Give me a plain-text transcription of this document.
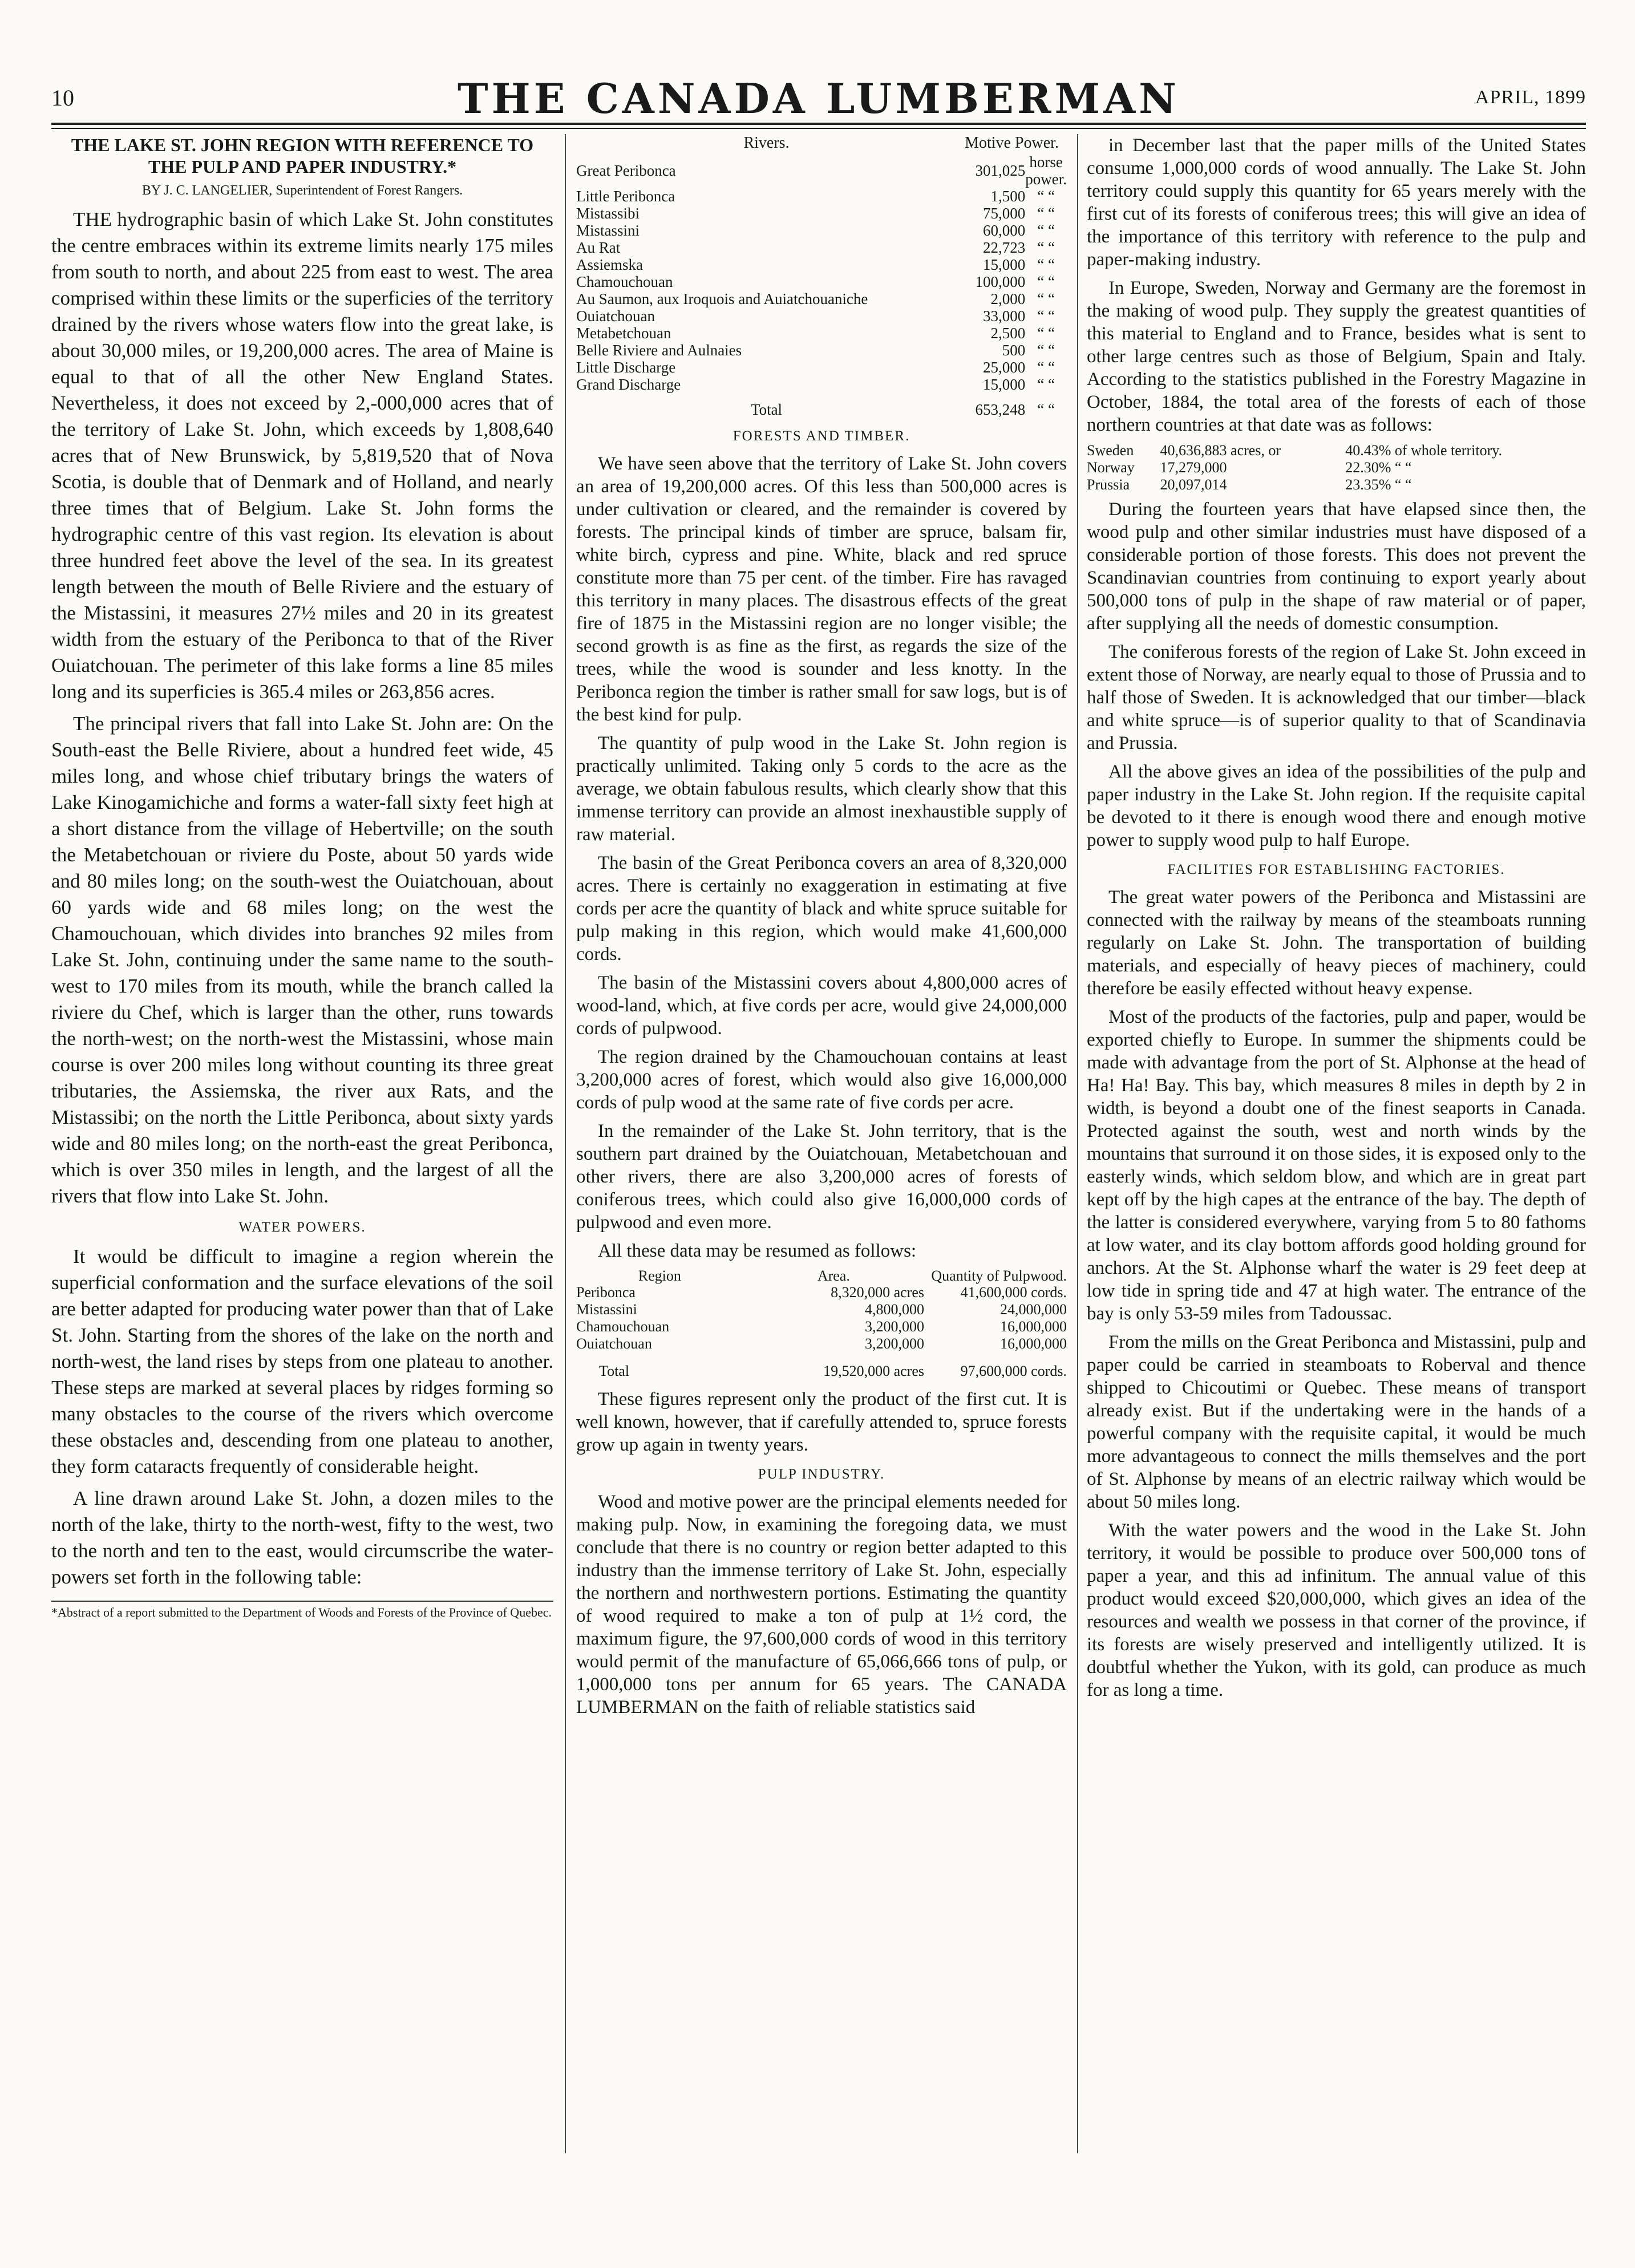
10	THE CANADA LUMBERMAN	APRIL, 1899
THE LAKE ST. JOHN REGION WITH REFERENCE TO THE PULP AND PAPER INDUSTRY.*
BY J. C. LANGELIER, Superintendent of Forest Rangers.

THE hydrographic basin of which Lake St. John constitutes the centre embraces within its extreme limits nearly 175 miles from south to north, and about 225 from east to west. The area comprised within these limits or the superficies of the territory drained by the rivers whose waters flow into the great lake, is about 30,000 miles, or 19,200,000 acres. The area of Maine is equal to that of all the other New England States. Nevertheless, it does not exceed by 2,-000,000 acres that of the territory of Lake St. John, which exceeds by 1,808,640 acres that of New Brunswick, by 5,819,520 that of Nova Scotia, is double that of Denmark and of Holland, and nearly three times that of Belgium. Lake St. John forms the hydrographic centre of this vast region. Its elevation is about three hundred feet above the level of the sea. In its greatest length between the mouth of Belle Riviere and the estuary of the Mistassini, it measures 27½ miles and 20 in its greatest width from the estuary of the Peribonca to that of the River Ouiatchouan. The perimeter of this lake forms a line 85 miles long and its superficies is 365.4 miles or 263,856 acres.

The principal rivers that fall into Lake St. John are: On the South-east the Belle Riviere, about a hundred feet wide, 45 miles long, and whose chief tributary brings the waters of Lake Kinogamichiche and forms a water-fall sixty feet high at a short distance from the village of Hebertville; on the south the Metabetchouan or riviere du Poste, about 50 yards wide and 80 miles long; on the south-west the Ouiatchouan, about 60 yards wide and 68 miles long; on the west the Chamouchouan, which divides into branches 92 miles from Lake St. John, continuing under the same name to the south-west to 170 miles from its mouth, while the branch called la riviere du Chef, which is larger than the other, runs towards the north-west; on the north-west the Mistassini, whose main course is over 200 miles long without counting its three great tributaries, the Assiemska, the river aux Rats, and the Mistassibi; on the north the Little Peribonca, about sixty yards wide and 80 miles long; on the north-east the great Peribonca, which is over 350 miles in length, and the largest of all the rivers that flow into Lake St. John.

WATER POWERS.

It would be difficult to imagine a region wherein the superficial conformation and the surface elevations of the soil are better adapted for producing water power than that of Lake St. John. Starting from the shores of the lake on the north and north-west, the land rises by steps from one plateau to another. These steps are marked at several places by ridges forming so many obstacles to the course of the rivers which overcome these obstacles and, descending from one plateau to another, they form cataracts frequently of considerable height.

A line drawn around Lake St. John, a dozen miles to the north of the lake, thirty to the north-west, fifty to the west, two to the north and ten to the east, would circumscribe the water-powers set forth in the following table:

*Abstract of a report submitted to the Department of Woods and Forests of the Province of Quebec.
Rivers.	Motive Power.	
Great Peribonca	301,025	horse power.
Little Peribonca	1,500	“ “
Mistassibi	75,000	“ “
Mistassini	60,000	“ “
Au Rat	22,723	“ “
Assiemska	15,000	“ “
Chamouchouan	100,000	“ “
Au Saumon, aux Iroquois and Auiatchouaniche	2,000	“ “
Ouiatchouan	33,000	“ “
Metabetchouan	2,500	“ “
Belle Riviere and Aulnaies	500	“ “
Little Discharge	25,000	“ “
Grand Discharge	15,000	“ “
Total	653,248	“ “
FORESTS AND TIMBER.

We have seen above that the territory of Lake St. John covers an area of 19,200,000 acres. Of this less than 500,000 acres is under cultivation or cleared, and the remainder is covered by forests. The principal kinds of timber are spruce, balsam fir, white birch, cypress and pine. White, black and red spruce constitute more than 75 per cent. of the timber. Fire has ravaged this territory in many places. The disastrous effects of the great fire of 1875 in the Mistassini region are no longer visible; the second growth is as fine as the first, as regards the size of the trees, while the wood is sounder and less knotty. In the Peribonca region the timber is rather small for saw logs, but is of the best kind for pulp.

The quantity of pulp wood in the Lake St. John region is practically unlimited. Taking only 5 cords to the acre as the average, we obtain fabulous results, which clearly show that this immense territory can provide an almost inexhaustible supply of raw material.

The basin of the Great Peribonca covers an area of 8,320,000 acres. There is certainly no exaggeration in estimating at five cords per acre the quantity of black and white spruce suitable for pulp making in this region, which would make 41,600,000 cords.

The basin of the Mistassini covers about 4,800,000 acres of wood-land, which, at five cords per acre, would give 24,000,000 cords of pulpwood.

The region drained by the Chamouchouan contains at least 3,200,000 acres of forest, which would also give 16,000,000 cords of pulp wood at the same rate of five cords per acre.

In the remainder of the Lake St. John territory, that is the southern part drained by the Ouiatchouan, Metabetchouan and other rivers, there are also 3,200,000 acres of forests of coniferous trees, which could also give 16,000,000 cords of pulpwood and even more.

All these data may be resumed as follows:

Region	Area.	Quantity of Pulpwood.
Peribonca	8,320,000 acres	41,600,000 cords.
Mistassini	4,800,000	24,000,000
Chamouchouan	3,200,000	16,000,000
Ouiatchouan	3,200,000	16,000,000
Total	19,520,000 acres	97,600,000 cords.

These figures represent only the product of the first cut. It is well known, however, that if carefully attended to, spruce forests grow up again in twenty years.

PULP INDUSTRY.

Wood and motive power are the principal elements needed for making pulp. Now, in examining the foregoing data, we must conclude that there is no country or region better adapted to this industry than the immense territory of Lake St. John, especially the northern and northwestern portions. Estimating the quantity of wood required to make a ton of pulp at 1½ cord, the maximum figure, the 97,600,000 cords of wood in this territory would permit of the manufacture of 65,066,666 tons of pulp, or 1,000,000 tons per annum for 65 years. The CANADA LUMBERMAN on the faith of reliable statistics said

in December last that the paper mills of the United States consume 1,000,000 cords of wood annually. The Lake St. John territory could supply this quantity for 65 years merely with the first cut of its forests of coniferous trees; this will give an idea of the importance of this territory with reference to the pulp and paper-making industry.

In Europe, Sweden, Norway and Germany are the foremost in the making of wood pulp. They supply the greatest quantities of this material to England and to France, besides what is sent to other large centres such as those of Belgium, Spain and Italy. According to the statistics published in the Forestry Magazine in October, 1884, the total area of the forests of each of those northern countries at that date was as follows:

Sweden	40,636,883 acres, or	40.43% of whole territory.
Norway	17,279,000	22.30% “ “
Prussia	20,097,014	23.35% “ “

During the fourteen years that have elapsed since then, the wood pulp and other similar industries must have disposed of a considerable portion of those forests. This does not prevent the Scandinavian countries from continuing to export yearly about 500,000 tons of pulp in the shape of raw material or of paper, after supplying all the needs of domestic consumption.

The coniferous forests of the region of Lake St. John exceed in extent those of Norway, are nearly equal to those of Prussia and to half those of Sweden. It is acknowledged that our timber—black and white spruce—is of superior quality to that of Scandinavia and Prussia.

All the above gives an idea of the possibilities of the pulp and paper industry in the Lake St. John region. If the requisite capital be devoted to it there is enough wood there and enough motive power to supply wood pulp to half Europe.

FACILITIES FOR ESTABLISHING FACTORIES.

The great water powers of the Peribonca and Mistassini are connected with the railway by means of the steamboats running regularly on Lake St. John. The transportation of building materials, and especially of heavy pieces of machinery, could therefore be easily effected without heavy expense.

Most of the products of the factories, pulp and paper, would be exported chiefly to Europe. In summer the shipments could be made with advantage from the port of St. Alphonse at the head of Ha! Ha! Bay. This bay, which measures 8 miles in depth by 2 in width, is beyond a doubt one of the finest seaports in Canada. Protected against the south, west and north winds by the mountains that surround it on those sides, it is exposed only to the easterly winds, which seldom blow, and which are in great part kept off by the high capes at the entrance of the bay. The depth of the latter is considered everywhere, varying from 5 to 80 fathoms at low water, and its clay bottom affords good holding ground for anchors. At the St. Alphonse wharf the water is 29 feet deep at low tide in spring tide and 47 at high water. The entrance of the bay is only 53-59 miles from Tadoussac.

From the mills on the Great Peribonca and Mistassini, pulp and paper could be carried in steamboats to Roberval and thence shipped to Chicoutimi or Quebec. These means of transport already exist. But if the undertaking were in the hands of a powerful company with the requisite capital, it would be much more advantageous to connect the mills themselves and the port of St. Alphonse by means of an electric railway which would be about 50 miles long.

With the water powers and the wood in the Lake St. John territory, it would be possible to produce over 500,000 tons of paper a year, and this ad infinitum. The annual value of this product would exceed $20,000,000, which gives an idea of the resources and wealth we possess in that corner of the province, if its forests are wisely preserved and intelligently utilized. It is doubtful whether the Yukon, with its gold, can produce as much for as long a time.
